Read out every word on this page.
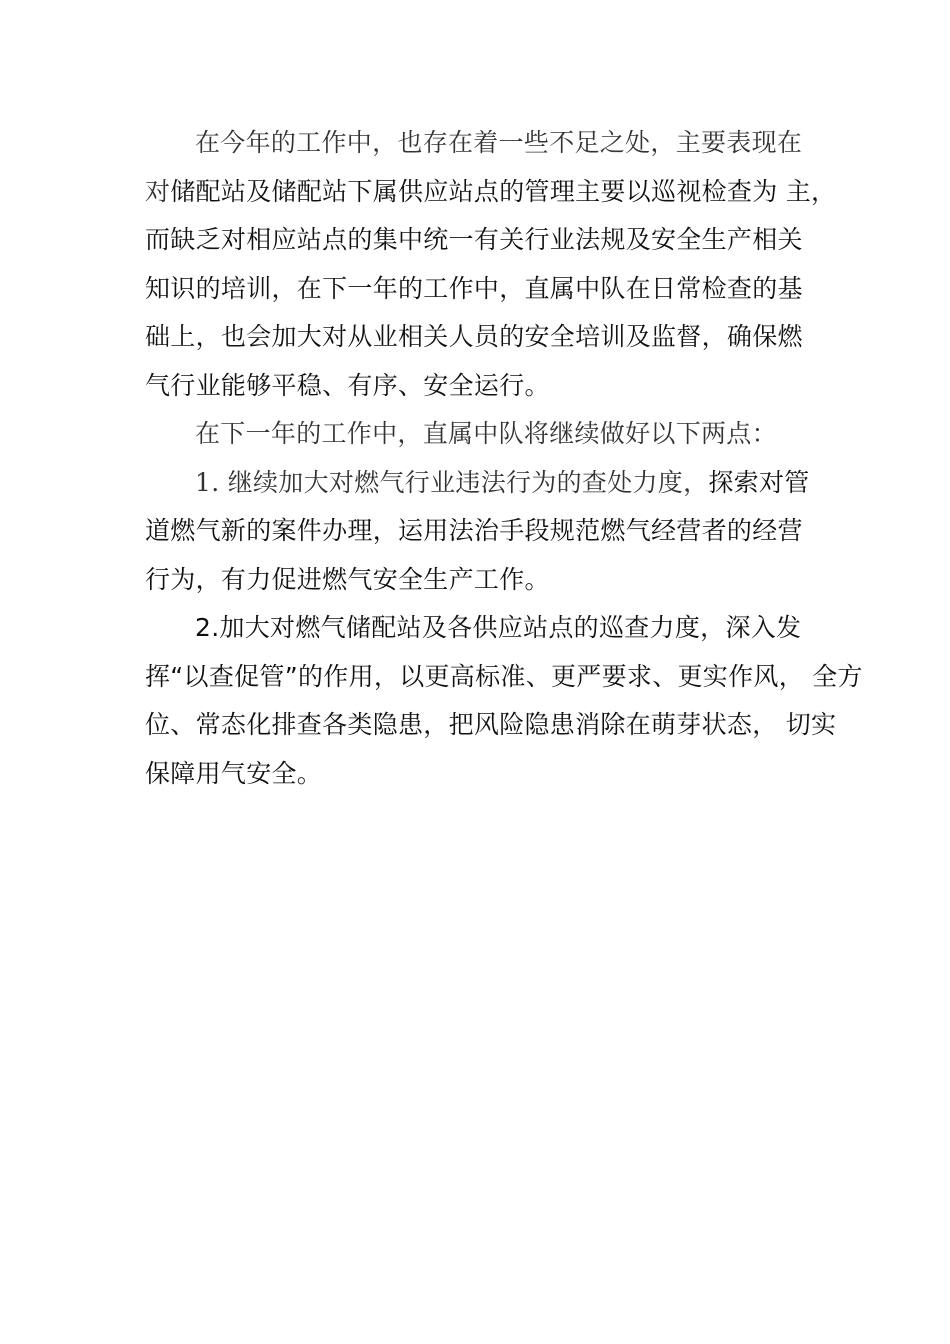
在今年的工作中，也存在着一些不足之处，主要表现在
对储配站及储配站下属供应站点的管理主要以巡视检查为 主，
而缺乏对相应站点的集中统一有关行业法规及安全生产相关
知识的培训，在下一年的工作中，直属中队在日常检查的基
础上，也会加大对从业相关人员的安全培训及监督，确保燃
气行业能够平稳、有序、安全运行。
在下一年的工作中，直属中队将继续做好以下两点：
1. 继续加大对燃气行业违法行为的查处力度，探索对管
道燃气新的案件办理，运用法治手段规范燃气经营者的经营
行为，有力促进燃气安全生产工作。
2.加大对燃气储配站及各供应站点的巡查力度，深入发
挥“以查促管”的作用，以更高标准、更严要求、更实作风， 全方
位、常态化排查各类隐患，把风险隐患消除在萌芽状态， 切实
保障用气安全。
